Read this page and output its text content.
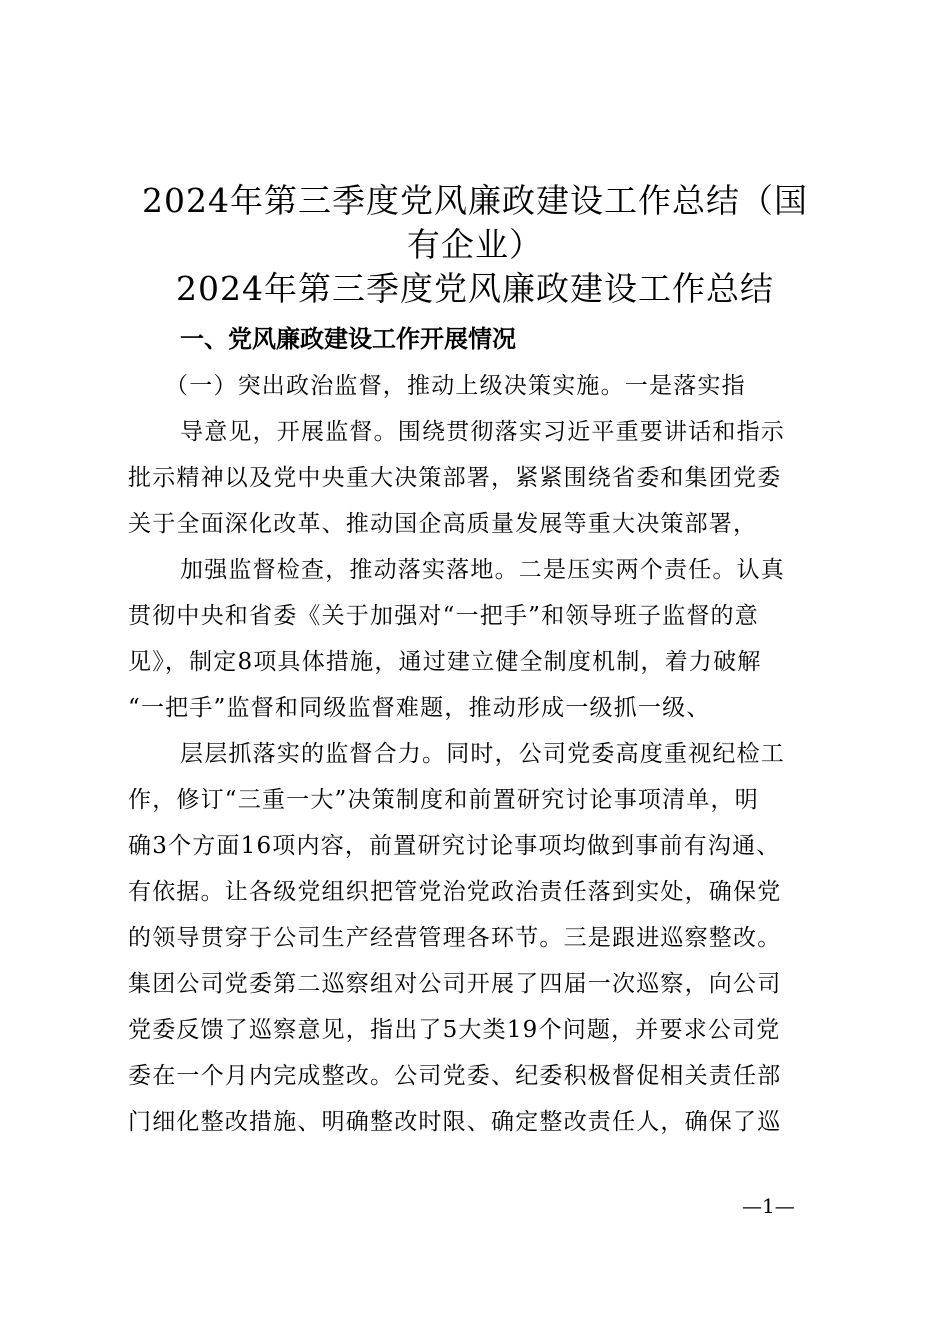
2024年第三季度党风廉政建设工作总结（国
有企业）
2024年第三季度党风廉政建设工作总结
一、党风廉政建设工作开展情况
（一）突出政治监督，推动上级决策实施。一是落实指
导意见，开展监督。围绕贯彻落实习近平重要讲话和指示
批示精神以及党中央重大决策部署，紧紧围绕省委和集团党委
关于全面深化改革、推动国企高质量发展等重大决策部署，
加强监督检查，推动落实落地。二是压实两个责任。认真
贯彻中央和省委《关于加强对“一把手”和领导班子监督的意
见》，制定8项具体措施，通过建立健全制度机制，着力破解
“一把手”监督和同级监督难题，推动形成一级抓一级、
层层抓落实的监督合力。同时，公司党委高度重视纪检工
作，修订“三重一大”决策制度和前置研究讨论事项清单，明
确3个方面16项内容，前置研究讨论事项均做到事前有沟通、
有依据。让各级党组织把管党治党政治责任落到实处，确保党
的领导贯穿于公司生产经营管理各环节。三是跟进巡察整改。
集团公司党委第二巡察组对公司开展了四届一次巡察，向公司
党委反馈了巡察意见，指出了5大类19个问题，并要求公司党
委在一个月内完成整改。公司党委、纪委积极督促相关责任部
门细化整改措施、明确整改时限、确定整改责任人，确保了巡
—1—
